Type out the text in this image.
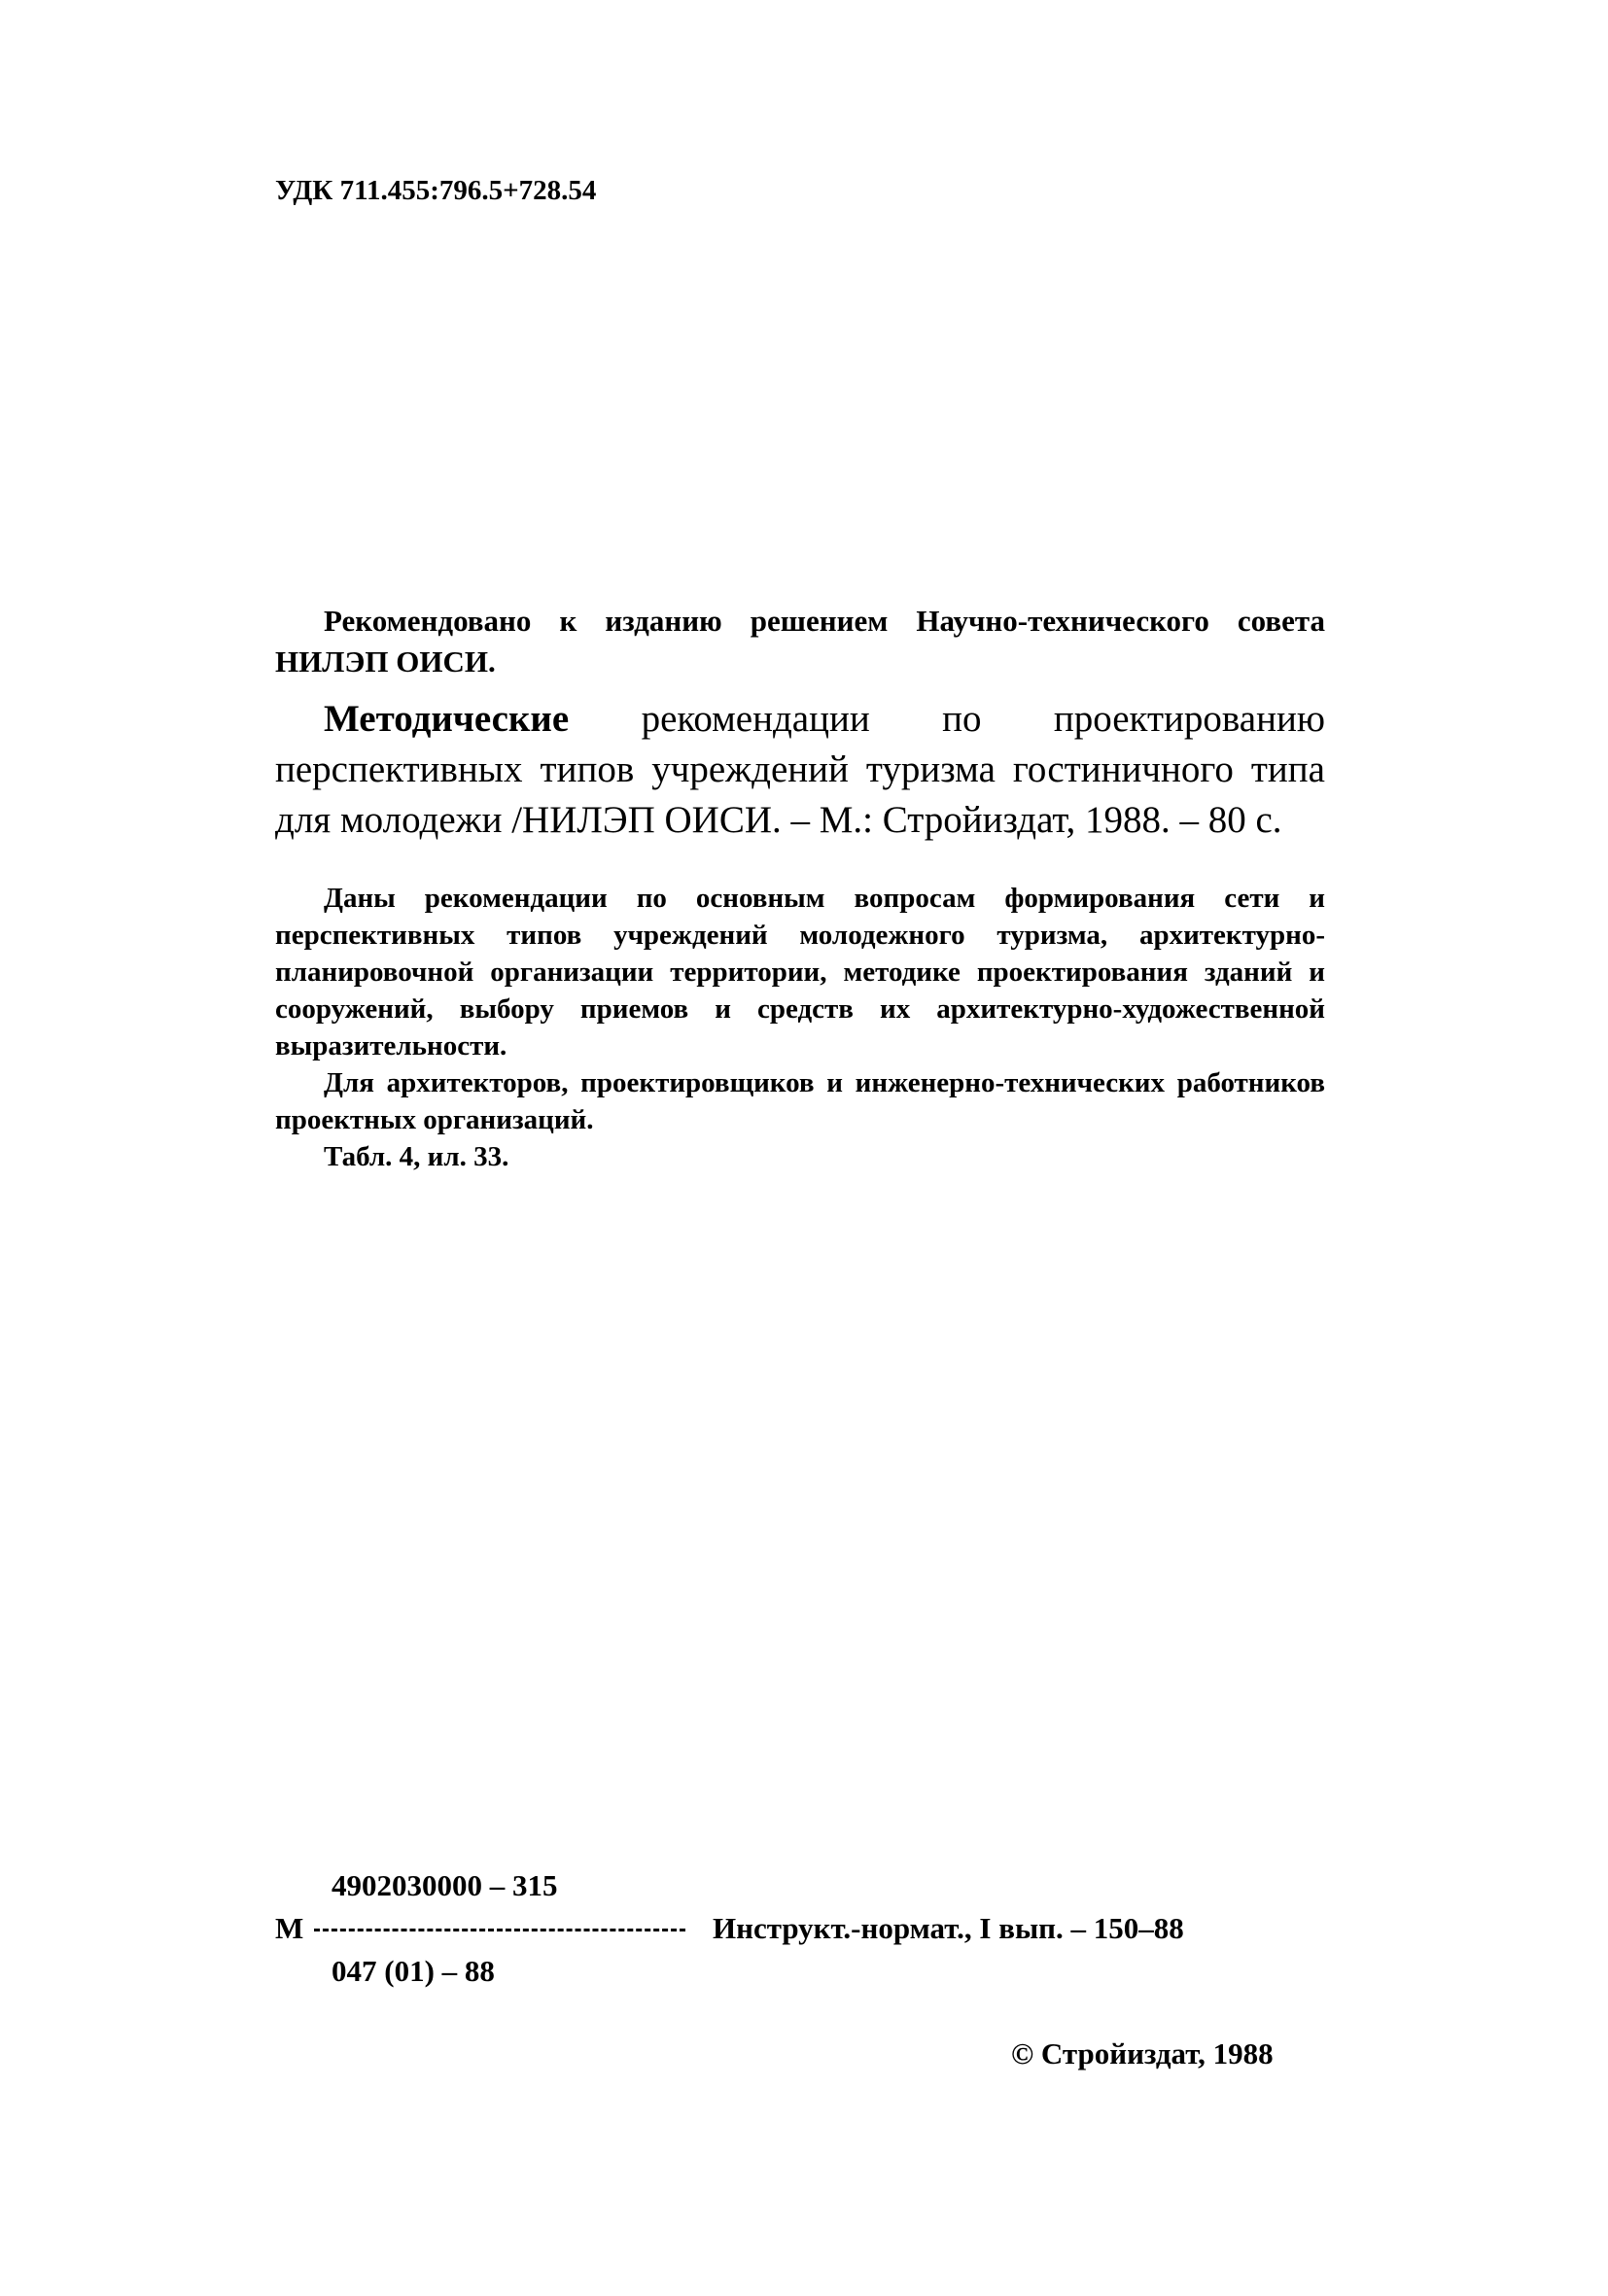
УДК 711.455:796.5+728.54

Рекомендовано к изданию решением Научно-технического совета НИЛЭП ОИСИ.

Методические рекомендации по проектированию перспективных типов учреждений туризма гостиничного типа для молодежи /НИЛЭП ОИСИ. – М.: Стройиздат, 1988. – 80 с.

Даны рекомендации по основным вопросам формирования сети и перспективных типов учреждений молодежного туризма, архитектурно-планировочной организации территории, методике проектирования зданий и сооружений, выбору приемов и средств их архитектурно-художественной выразительности.

Для архитекторов, проектировщиков и инженерно-технических работников проектных организаций.

Табл. 4, ил. 33.

4902030000 – 315
М	Инструкт.-нормат., I вып. – 150–88
047 (01) – 88

© Стройиздат, 1988
